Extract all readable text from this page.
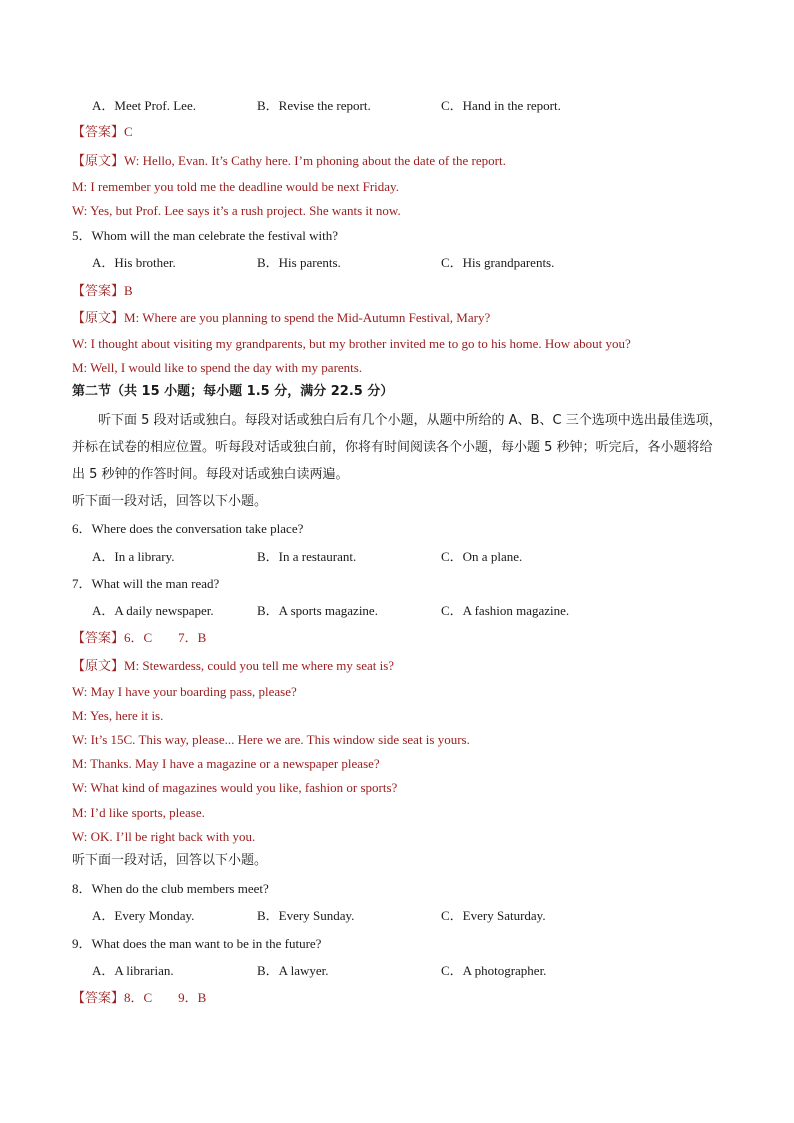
A．Meet Prof. Lee.	B．Revise the report.	C．Hand in the report.
【答案】C
【原文】W: Hello, Evan. It’s Cathy here. I’m phoning about the date of the report.
M: I remember you told me the deadline would be next Friday.
W: Yes, but Prof. Lee says it’s a rush project. She wants it now.
5．Whom will the man celebrate the festival with?
A．His brother.	B．His parents.	C．His grandparents.
【答案】B
【原文】M: Where are you planning to spend the Mid-Autumn Festival, Mary?
W: I thought about visiting my grandparents, but my brother invited me to go to his home. How about you?
M: Well, I would like to spend the day with my parents.
第二节（共 15 小题；每小题 1.5 分，满分 22.5 分）
听下面 5 段对话或独白。每段对话或独白后有几个小题，从题中所给的 A、B、C 三个选项中选出最佳选项，并标在试卷的相应位置。听每段对话或独白前，你将有时间阅读各个小题，每小题 5 秒钟；听完后，各小题将给出 5 秒钟的作答时间。每段对话或独白读两遍。
听下面一段对话，回答以下小题。
6．Where does the conversation take place?
A．In a library.	B．In a restaurant.	C．On a plane.
7．What will the man read?
A．A daily newspaper.	B．A sports magazine.	C．A fashion magazine.
【答案】6．C　　7．B
【原文】M: Stewardess, could you tell me where my seat is?
W: May I have your boarding pass, please?
M: Yes, here it is.
W: It’s 15C. This way, please... Here we are. This window side seat is yours.
M: Thanks. May I have a magazine or a newspaper please?
W: What kind of magazines would you like, fashion or sports?
M: I’d like sports, please.
W: OK. I’ll be right back with you.
听下面一段对话，回答以下小题。
8．When do the club members meet?
A．Every Monday.	B．Every Sunday.	C．Every Saturday.
9．What does the man want to be in the future?
A．A librarian.	B．A lawyer.	C．A photographer.
【答案】8．C　　9．B
